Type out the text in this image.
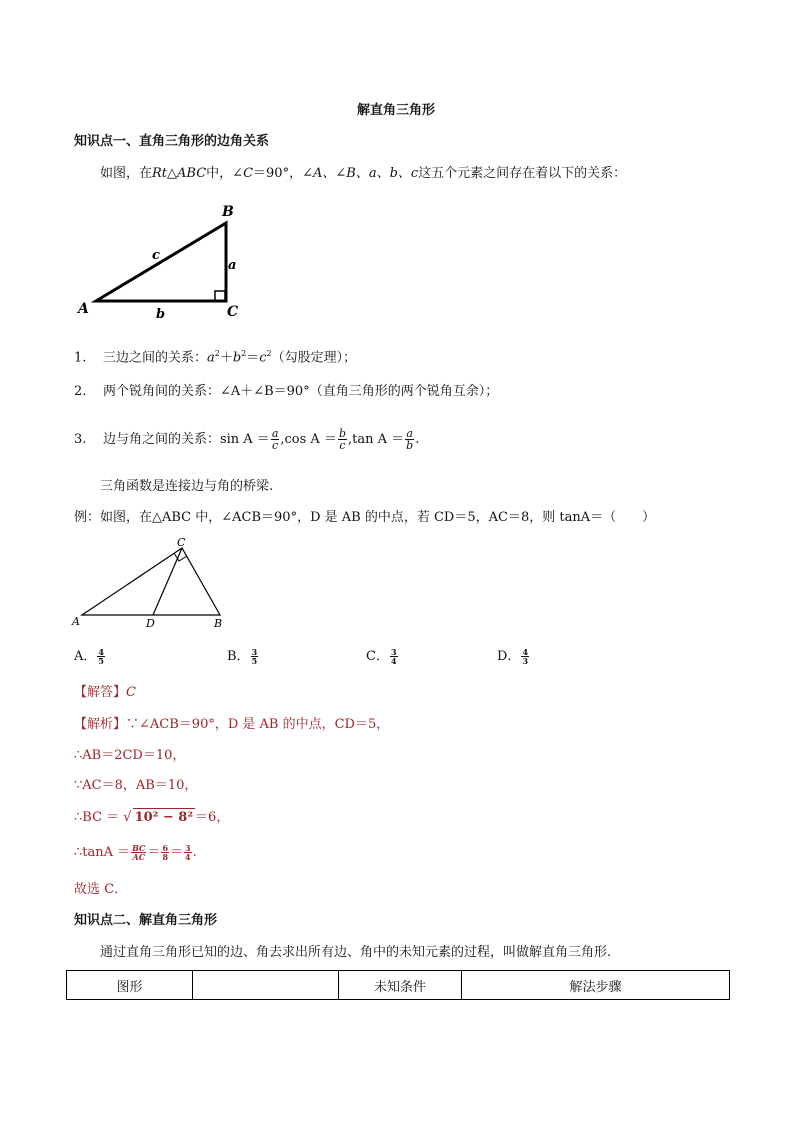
解直角三角形
知识点一、直角三角形的边角关系
如图，在Rt△ABC中，∠C＝90°，∠A、∠B、a、b、c这五个元素之间存在着以下的关系：
A
B
C
a
b
c
1. 三边之间的关系：$a^2+b^2=c^2$（勾股定理）；
2. 两个锐角间的关系：∠A＋∠B＝90°（直角三角形的两个锐角互余）；
3. 边与角之间的关系：$\sin A = \frac{a}{c} ,\cos$ $A = \frac{b}{c} ,\tan$ $A = \frac{a}{b}$ .
三角函数是连接边与角的桥梁.
例：如图，在△ABC 中，∠ACB＝90°，D 是 AB 的中点，若 CD＝5，AC＝8，则 tanA＝（　　）
C
A	D	B
A． $\frac{4}{5}$	B． $\frac{3}{5}$	C． $\frac{3}{4}$	D． $\frac{4}{3}$
【解答】C
【解析】∵∠ACB＝90°，D 是 AB 的中点，CD＝5，
∴AB＝2CD＝10，
∵AC＝8，AB＝10，
∴BC ＝ √ 10² − 8² ＝6，
∴tanA ＝ $\frac{BC}{AC} = \frac{6}{8} = \frac{3}{4}$ .
故选 C．
知识点二、解直角三角形
通过直角三角形已知的边、角去求出所有边、角中的未知元素的过程，叫做解直角三角形.
图形		未知条件	解法步骤
